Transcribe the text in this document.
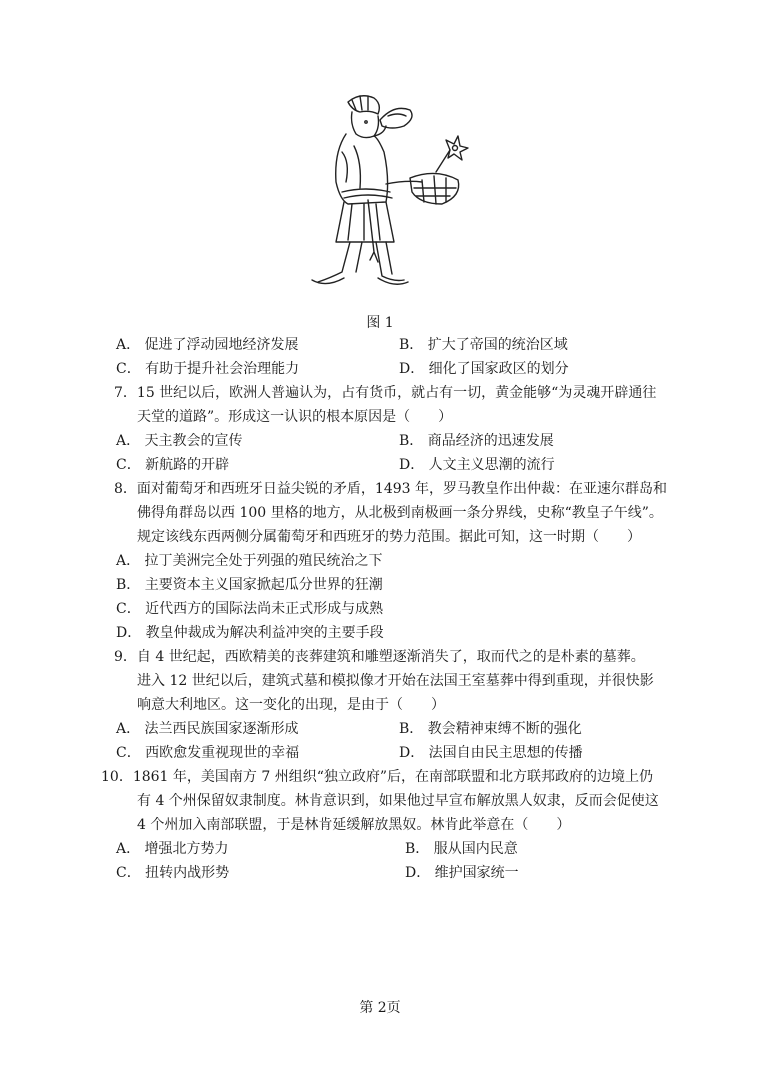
图 1
A． 促进了浮动园地经济发展	B． 扩大了帝国的统治区域
C． 有助于提升社会治理能力	D． 细化了国家政区的划分
7．15 世纪以后，欧洲人普遍认为，占有货币，就占有一切，黄金能够“为灵魂开辟通往
天堂的道路”。形成这一认识的根本原因是（　　）
A． 天主教会的宣传	B． 商品经济的迅速发展
C． 新航路的开辟	D． 人文主义思潮的流行
8．面对葡萄牙和西班牙日益尖锐的矛盾，1493 年，罗马教皇作出仲裁：在亚速尔群岛和
佛得角群岛以西 100 里格的地方，从北极到南极画一条分界线，史称“教皇子午线”。
规定该线东西两侧分属葡萄牙和西班牙的势力范围。据此可知，这一时期（　　）
A． 拉丁美洲完全处于列强的殖民统治之下
B． 主要资本主义国家掀起瓜分世界的狂潮
C． 近代西方的国际法尚未正式形成与成熟
D． 教皇仲裁成为解决利益冲突的主要手段
9．自 4 世纪起，西欧精美的丧葬建筑和雕塑逐渐消失了，取而代之的是朴素的墓葬。
进入 12 世纪以后，建筑式墓和模拟像才开始在法国王室墓葬中得到重现，并很快影
响意大利地区。这一变化的出现，是由于（　　）
A． 法兰西民族国家逐渐形成	B． 教会精神束缚不断的强化
C． 西欧愈发重视现世的幸福	D． 法国自由民主思想的传播
10．1861 年，美国南方 7 州组织“独立政府”后，在南部联盟和北方联邦政府的边境上仍
有 4 个州保留奴隶制度。林肯意识到，如果他过早宣布解放黑人奴隶，反而会促使这
4 个州加入南部联盟，于是林肯延缓解放黑奴。林肯此举意在（　　）
A． 增强北方势力	B． 服从国内民意
C． 扭转内战形势	D． 维护国家统一
第 2页
